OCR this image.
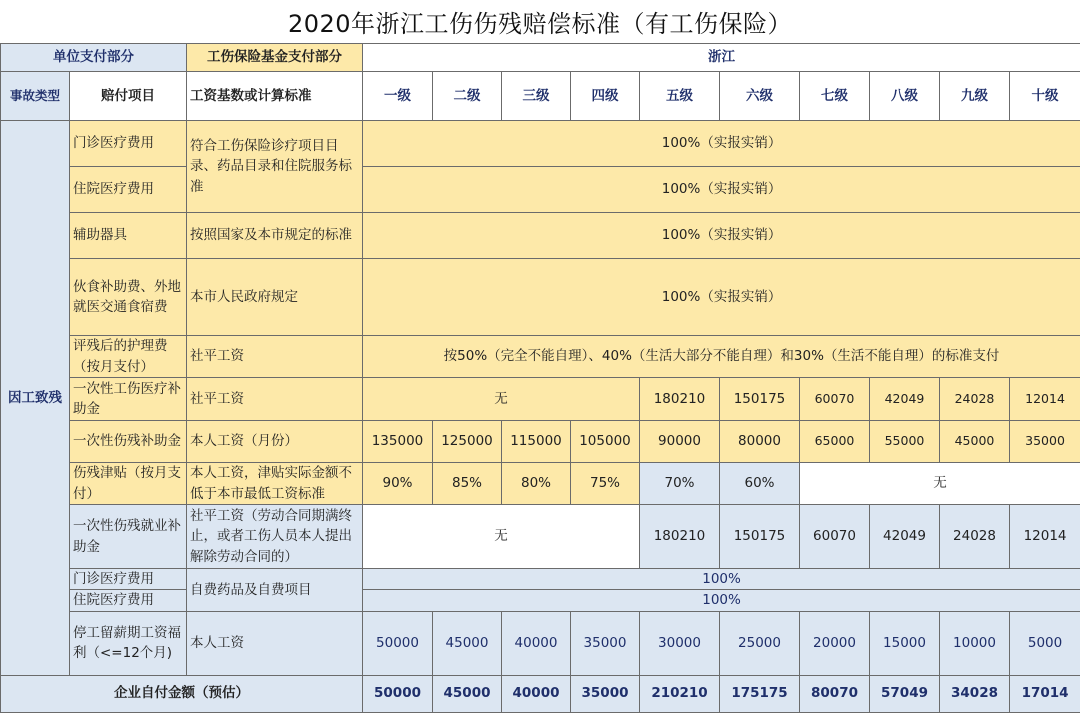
2020年浙江工伤伤残赔偿标准（有工伤保险）
单位支付部分		工伤保险基金支付部分	浙江									
事故类型	赔付项目	工资基数或计算标准	一级	二级	三级	四级	五级	六级	七级	八级	九级	十级
因工致残	门诊医疗费用	符合工伤保险诊疗项目目录、药品目录和住院服务标准	100%（实报实销）									
	住院医疗费用		100%（实报实销）									
	辅助器具	按照国家及本市规定的标准	100%（实报实销）									
	伙食补助费、外地就医交通食宿费	本市人民政府规定	100%（实报实销）									
	评残后的护理费（按月支付）	社平工资	按50%（完全不能自理）、40%（生活大部分不能自理）和30%（生活不能自理）的标准支付									
	一次性工伤医疗补助金	社平工资	无				180210	150175	60070	42049	24028	12014
	一次性伤残补助金	本人工资（月份）	135000	125000	115000	105000	90000	80000	65000	55000	45000	35000
	伤残津贴（按月支付）	本人工资，津贴实际金额不低于本市最低工资标准	90%	85%	80%	75%	70%	60%	无			
	一次性伤残就业补助金	社平工资（劳动合同期满终止，或者工伤人员本人提出解除劳动合同的）	无				180210	150175	60070	42049	24028	12014
	门诊医疗费用	自费药品及自费项目	100%									
	住院医疗费用		100%									
	停工留薪期工资福利（<=12个月)	本人工资	50000	45000	40000	35000	30000	25000	20000	15000	10000	5000
企业自付金额（预估）			50000	45000	40000	35000	210210	175175	80070	57049	34028	17014
